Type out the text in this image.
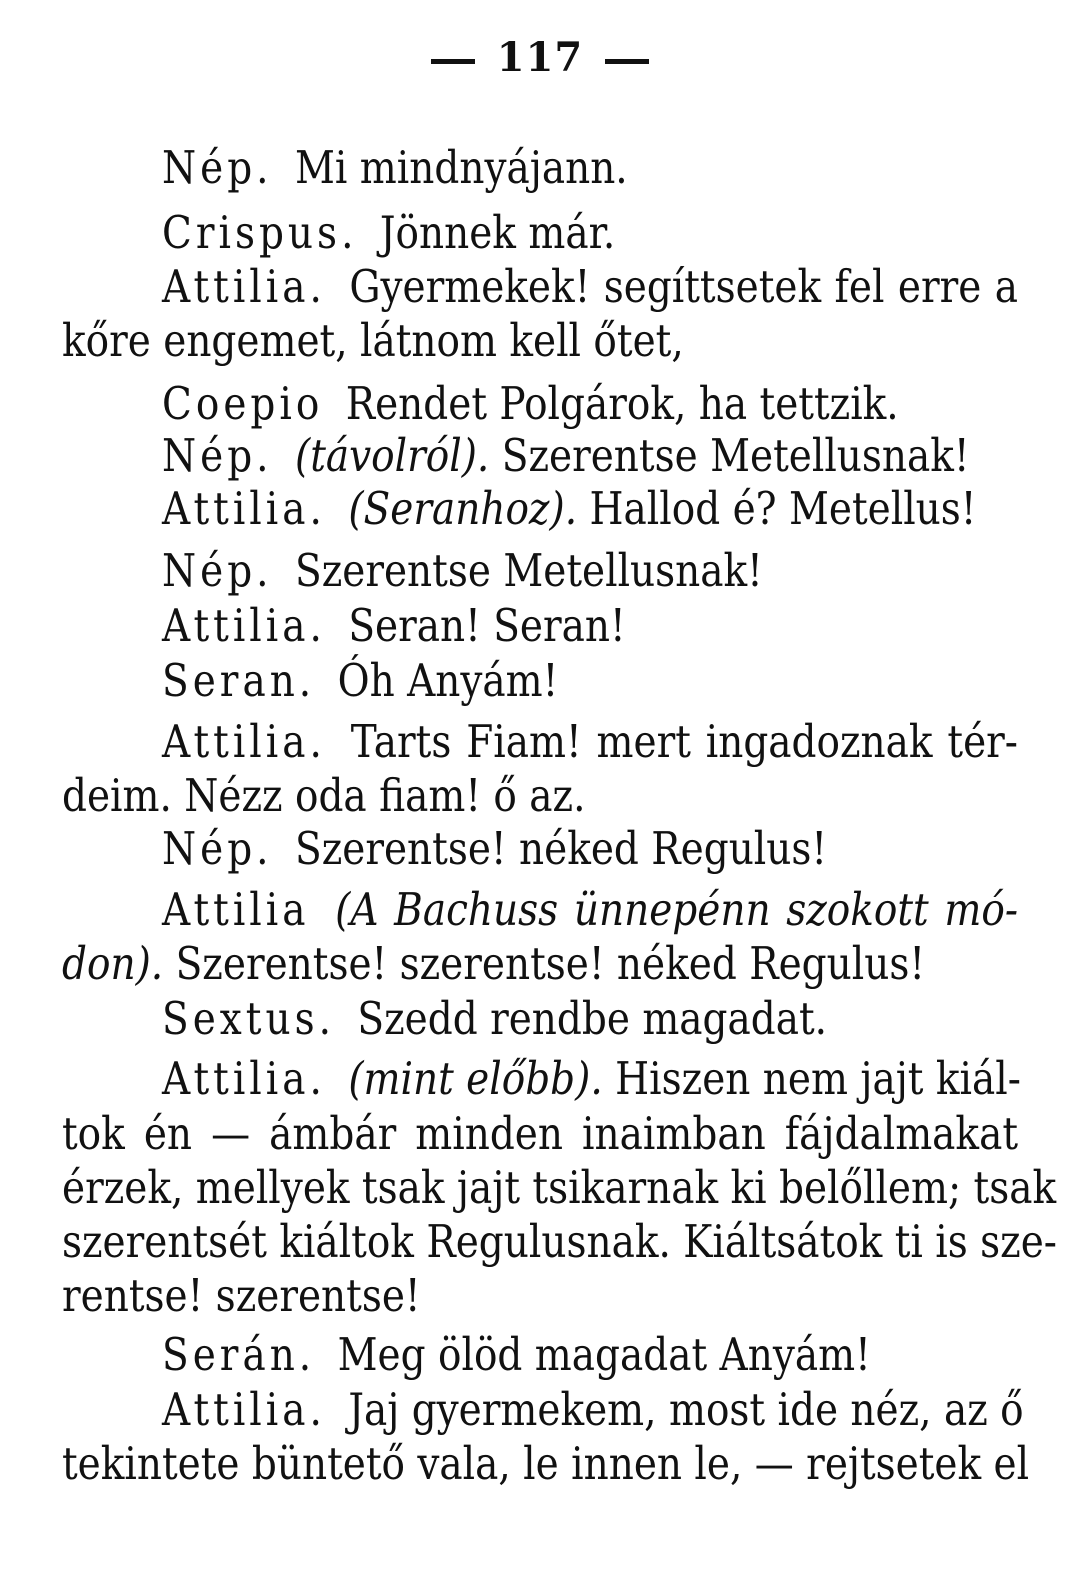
117
Nép. Mi mindnyájann.
Crispus. Jönnek már.
Attilia. Gyermekek! segíttsetek fel erre a
kőre engemet, látnom kell őtet,
Coepio Rendet Polgárok, ha tettzik.
Nép. (távolról). Szerentse Metellusnak!
Attilia. (Seranhoz). Hallod é? Metellus!
Nép. Szerentse Metellusnak!
Attilia. Seran! Seran!
Seran. Óh Anyám!
Attilia. Tarts Fiam! mert ingadoznak tér-
deim. Nézz oda fiam! ő az.
Nép. Szerentse! néked Regulus!
Attilia (A Bachuss ünnepénn szokott mó-
don). Szerentse! szerentse! néked Regulus!
Sextus. Szedd rendbe magadat.
Attilia. (mint előbb). Hiszen nem jajt kiál-
tok én — ámbár minden inaimban fájdalmakat
érzek, mellyek tsak jajt tsikarnak ki belőllem; tsak
szerentsét kiáltok Regulusnak. Kiáltsátok ti is sze-
rentse! szerentse!
Serán. Meg ölöd magadat Anyám!
Attilia. Jaj gyermekem, most ide néz, az ő
tekintete büntető vala, le innen le, — rejtsetek el
